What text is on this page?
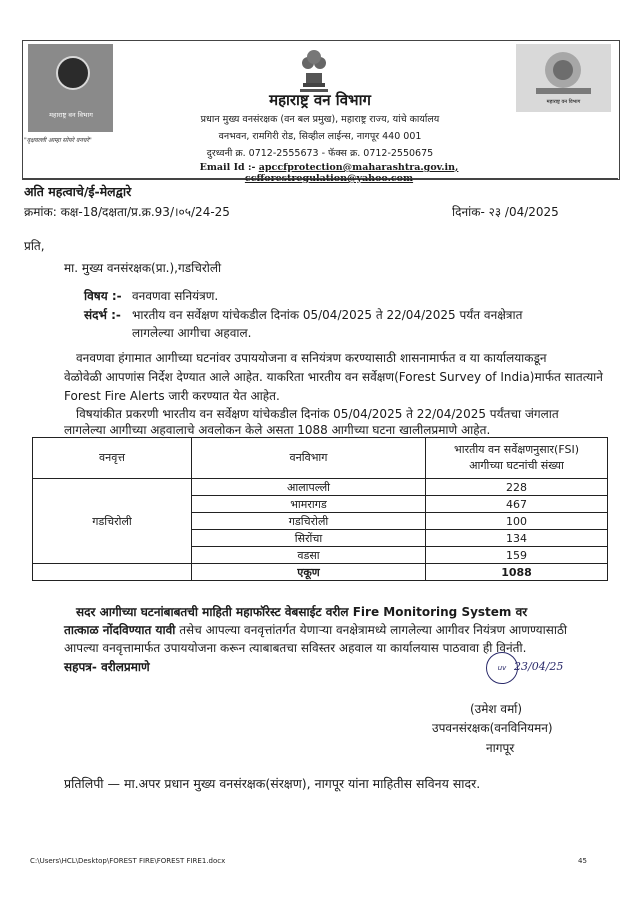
महाराष्ट्र वन विभाग
"वृक्षवल्ली आम्हा सोयरे वनचरे"
महाराष्ट्र वन विभाग
महाराष्ट्र वन विभाग
प्रधान मुख्य वनसंरक्षक (वन बल प्रमुख), महाराष्ट्र राज्य, यांचे कार्यालय
वनभवन, रामगिरी रोड, सिव्हील लाईन्स, नागपूर 440 001
दुरध्वनी क्र. 0712-2555673 - फॅक्स क्र. 0712-2550675
Email Id :- apccfprotection@maharashtra.gov.in, ccfforestregulation@yahoo.com
अति महत्वाचे/ई-मेलद्वारे
क्रमांक: कक्ष-18/दक्षता/प्र.क्र.93/।०५/24-25	दिनांक- २३ /04/2025
प्रति,
मा. मुख्य वनसंरक्षक(प्रा.),गडचिरोली
विषय :- वनवणवा सनियंत्रण.
संदर्भ :- भारतीय वन सर्वेक्षण यांचेकडील दिनांक 05/04/2025 ते 22/04/2025 पर्यंत वनक्षेत्रात
लागलेल्या आगीचा अहवाल.
वनवणवा हंगामात आगीच्या घटनांवर उपाययोजना व सनियंत्रण करण्यासाठी शासनामार्फत व या कार्यालयाकडून
वेळोवेळी आपणांस निर्देश देण्यात आले आहेत. याकरिता भारतीय वन सर्वेक्षण(Forest Survey of India)मार्फत सातत्याने
Forest Fire Alerts जारी करण्यात येत आहेत.
विषयांकीत प्रकरणी भारतीय वन सर्वेक्षण यांचेकडील दिनांक 05/04/2025 ते 22/04/2025 पर्यंतचा जंगलात
लागलेल्या आगीच्या अहवालाचे अवलोकन केले असता 1088 आगीच्या घटना खालीलप्रमाणे आहेत.
वनवृत्त	वनविभाग	भारतीय वन सर्वेक्षणनुसार(FSI)
आगीच्या घटनांची संख्या

गडचिरोली	आलापल्ली	228
	भामरागड	467
	गडचिरोली	100
	सिरोंचा	134
	वडसा	159
	एकूण	1088
सदर आगीच्या घटनांबाबतची माहिती महाफॉरेस्ट वेबसाईट वरील Fire Monitoring System वर
तात्काळ नोंदविण्यात यावी तसेच आपल्या वनवृत्तांतर्गत येणाऱ्या वनक्षेत्रामध्ये लागलेल्या आगीवर नियंत्रण आणण्यासाठी
आपल्या वनवृत्तामार्फत उपाययोजना करून त्याबाबतचा सविस्तर अहवाल या कार्यालयास पाठवावा ही विनंती.
सहपत्र- वरीलप्रमाणे	uv 23/04/25
(उमेश वर्मा)
उपवनसंरक्षक(वनविनियमन)
नागपूर
प्रतिलिपी — मा.अपर प्रधान मुख्य वनसंरक्षक(संरक्षण), नागपूर यांना माहितीस सविनय सादर.
C:\Users\HCL\Desktop\FOREST FIRE\FOREST FIRE1.docx	45
